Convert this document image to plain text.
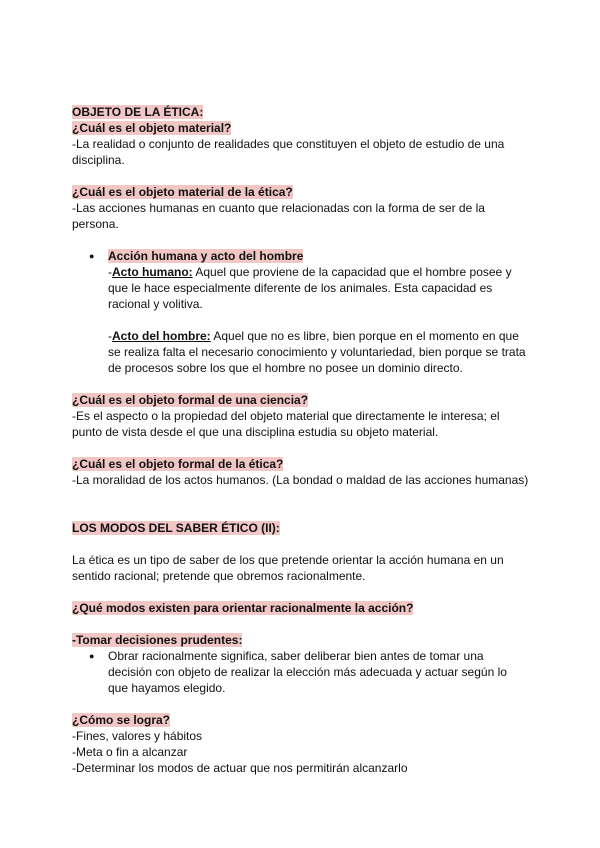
OBJETO DE LA ÉTICA:
¿Cuál es el objeto material?
-La realidad o conjunto de realidades que constituyen el objeto de estudio de una disciplina.
¿Cuál es el objeto material de la ética?
-Las acciones humanas en cuanto que relacionadas con la forma de ser de la persona.
● Acción humana y acto del hombre
-Acto humano: Aquel que proviene de la capacidad que el hombre posee y que le hace especialmente diferente de los animales. Esta capacidad es racional y volitiva.
-Acto del hombre: Aquel que no es libre, bien porque en el momento en que se realiza falta el necesario conocimiento y voluntariedad, bien porque se trata de procesos sobre los que el hombre no posee un dominio directo.
¿Cuál es el objeto formal de una ciencia?
-Es el aspecto o la propiedad del objeto material que directamente le interesa; el punto de vista desde el que una disciplina estudia su objeto material.
¿Cuál es el objeto formal de la ética?
-La moralidad de los actos humanos. (La bondad o maldad de las acciones humanas)
LOS MODOS DEL SABER ÉTICO (II):
La ética es un tipo de saber de los que pretende orientar la acción humana en un sentido racional; pretende que obremos racionalmente.
¿Qué modos existen para orientar racionalmente la acción?
-Tomar decisiones prudentes:
● Obrar racionalmente significa, saber deliberar bien antes de tomar una decisión con objeto de realizar la elección más adecuada y actuar según lo que hayamos elegido.
¿Cómo se logra?
-Fines, valores y hábitos
-Meta o fin a alcanzar
-Determinar los modos de actuar que nos permitirán alcanzarlo
